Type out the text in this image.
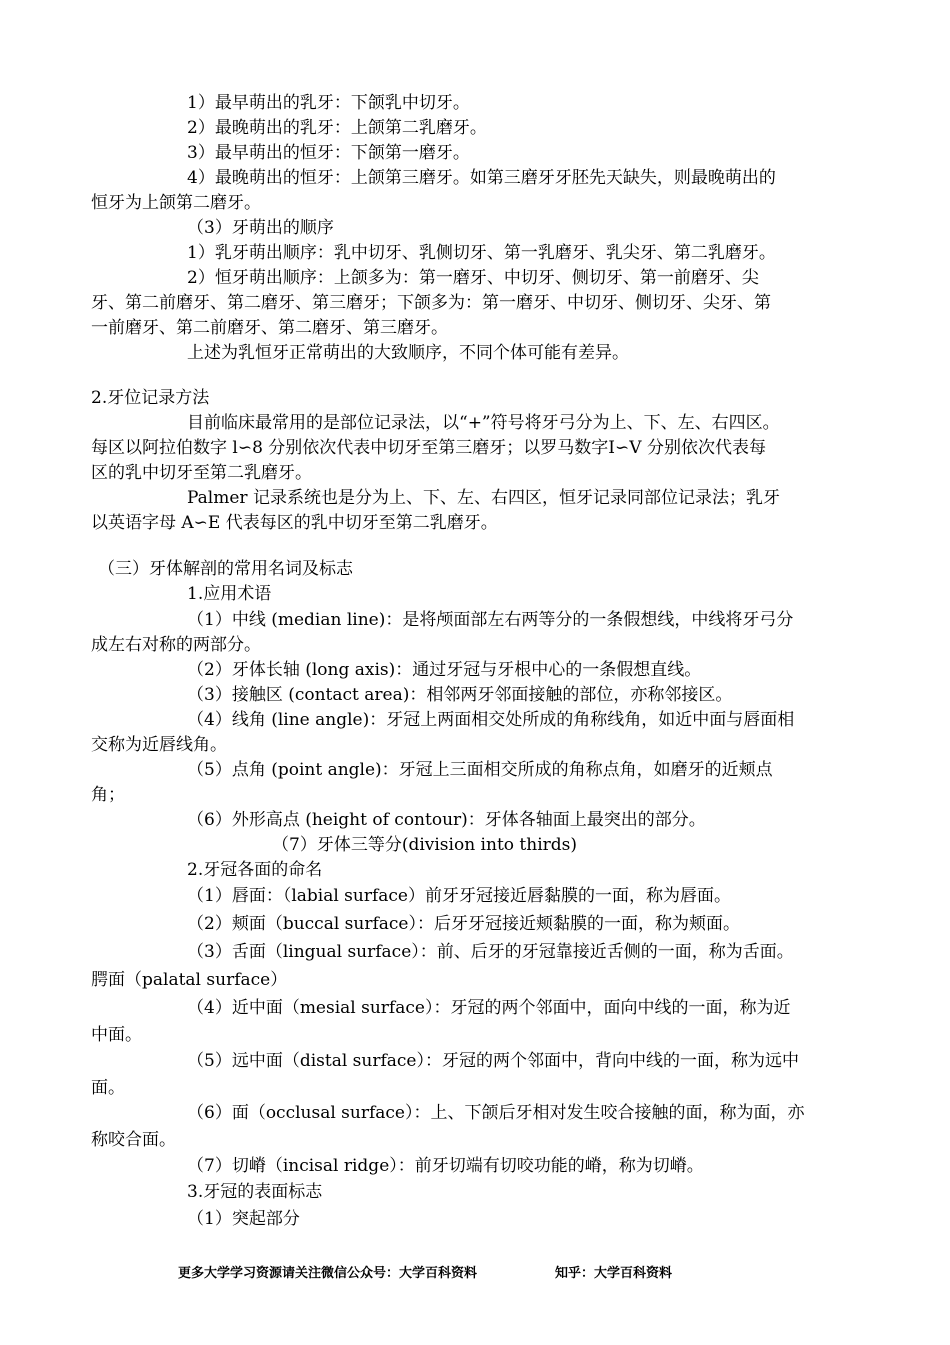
1）最早萌出的乳牙：下颌乳中切牙。
2）最晚萌出的乳牙：上颌第二乳磨牙。
3）最早萌出的恒牙：下颌第一磨牙。
4）最晚萌出的恒牙：上颌第三磨牙。如第三磨牙牙胚先天缺失，则最晚萌出的
恒牙为上颌第二磨牙。
（3）牙萌出的顺序
1）乳牙萌出顺序：乳中切牙、乳侧切牙、第一乳磨牙、乳尖牙、第二乳磨牙。
2）恒牙萌出顺序：上颌多为：第一磨牙、中切牙、侧切牙、第一前磨牙、尖
牙、第二前磨牙、第二磨牙、第三磨牙；下颌多为：第一磨牙、中切牙、侧切牙、尖牙、第
一前磨牙、第二前磨牙、第二磨牙、第三磨牙。
上述为乳恒牙正常萌出的大致顺序，不同个体可能有差异。
2.牙位记录方法
目前临床最常用的是部位记录法，以“+”符号将牙弓分为上、下、左、右四区。
每区以阿拉伯数字 l∽8 分别依次代表中切牙至第三磨牙；以罗马数字I∽V 分别依次代表每
区的乳中切牙至第二乳磨牙。
Palmer 记录系统也是分为上、下、左、右四区，恒牙记录同部位记录法；乳牙
以英语字母 A∽E 代表每区的乳中切牙至第二乳磨牙。
（三）牙体解剖的常用名词及标志
1.应用术语
（1）中线 (median line)：是将颅面部左右两等分的一条假想线，中线将牙弓分
成左右对称的两部分。
（2）牙体长轴 (long axis)：通过牙冠与牙根中心的一条假想直线。
（3）接触区 (contact area)：相邻两牙邻面接触的部位，亦称邻接区。
（4）线角 (line angle)：牙冠上两面相交处所成的角称线角，如近中面与唇面相
交称为近唇线角。
（5）点角 (point angle)：牙冠上三面相交所成的角称点角，如磨牙的近颊点
角；
（6）外形高点 (height of contour)：牙体各轴面上最突出的部分。
（7）牙体三等分(division into thirds)
2.牙冠各面的命名
（1）唇面：（labial surface）前牙牙冠接近唇黏膜的一面，称为唇面。
（2）颊面（buccal surface）：后牙牙冠接近颊黏膜的一面，称为颊面。
（3）舌面（lingual surface）：前、后牙的牙冠靠接近舌侧的一面，称为舌面。
腭面（palatal surface）
（4）近中面（mesial surface）：牙冠的两个邻面中，面向中线的一面，称为近
中面。
（5）远中面（distal surface）：牙冠的两个邻面中，背向中线的一面，称为远中
面。
（6）面（occlusal surface）：上、下颌后牙相对发生咬合接触的面，称为面，亦
称咬合面。
（7）切嵴（incisal ridge）：前牙切端有切咬功能的嵴，称为切嵴。
3.牙冠的表面标志
（1）突起部分
更多大学学习资源请关注微信公众号：大学百科资料	知乎：大学百科资料
